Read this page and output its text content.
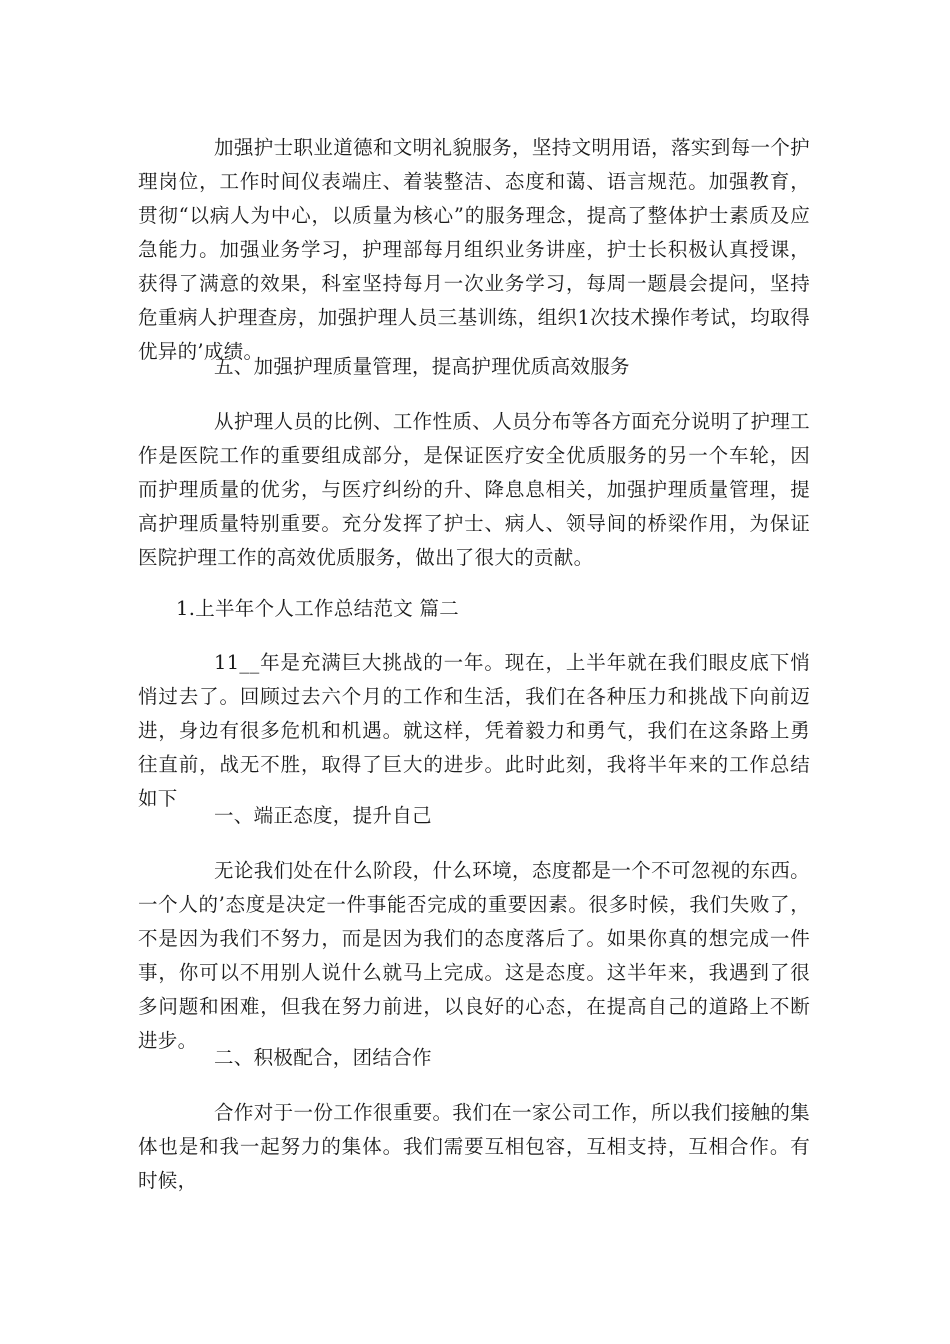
加强护士职业道德和文明礼貌服务，坚持文明用语，落实到每一个护理岗位，工作时间仪表端庄、着装整洁、态度和蔼、语言规范。加强教育，贯彻“以病人为中心，以质量为核心”的服务理念，提高了整体护士素质及应急能力。加强业务学习，护理部每月组织业务讲座，护士长积极认真授课，获得了满意的效果，科室坚持每月一次业务学习，每周一题晨会提问，坚持危重病人护理查房，加强护理人员三基训练，组织1次技术操作考试，均取得优异的’成绩。

五、加强护理质量管理，提高护理优质高效服务

从护理人员的比例、工作性质、人员分布等各方面充分说明了护理工作是医院工作的重要组成部分，是保证医疗安全优质服务的另一个车轮，因而护理质量的优劣，与医疗纠纷的升、降息息相关，加强护理质量管理，提高护理质量特别重要。充分发挥了护士、病人、领导间的桥梁作用，为保证医院护理工作的高效优质服务，做出了很大的贡献。

1.上半年个人工作总结范文 篇二

11__年是充满巨大挑战的一年。现在，上半年就在我们眼皮底下悄悄过去了。回顾过去六个月的工作和生活，我们在各种压力和挑战下向前迈进，身边有很多危机和机遇。就这样，凭着毅力和勇气，我们在这条路上勇往直前，战无不胜，取得了巨大的进步。此时此刻，我将半年来的工作总结如下

一、端正态度，提升自己

无论我们处在什么阶段，什么环境，态度都是一个不可忽视的东西。一个人的’态度是决定一件事能否完成的重要因素。很多时候，我们失败了，不是因为我们不努力，而是因为我们的态度落后了。如果你真的想完成一件事，你可以不用别人说什么就马上完成。这是态度。这半年来，我遇到了很多问题和困难，但我在努力前进，以良好的心态，在提高自己的道路上不断进步。

二、积极配合，团结合作

合作对于一份工作很重要。我们在一家公司工作，所以我们接触的集体也是和我一起努力的集体。我们需要互相包容，互相支持，互相合作。有时候，
